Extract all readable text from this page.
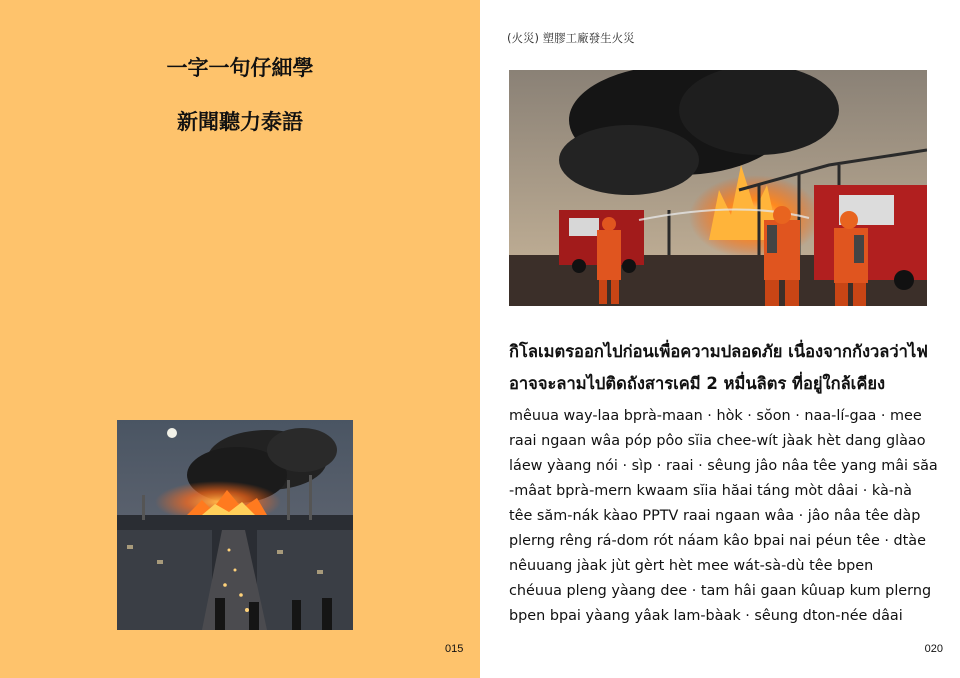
一字一句仔細學
新聞聽力泰語
015
(火災) 塑膠工廠發生火災
กิโลเมตรออกไปก่อนเพื่อความปลอดภัย เนื่องจากกังวลว่าไฟ
อาจจะลามไปติดถังสารเคมี 2 หมื่นลิตร ที่อยู่ใกล้เคียง
mêuua way-laa bprà-maan · hòk · sŏon · naa-lí-gaa · mee
raai ngaan wâa póp pôo sĭia chee-wít jàak hèt dang glàao
láew yàang nói · sìp · raai · sêung jâo nâa têe yang mâi săa
-mâat bprà-mern kwaam sĭia hăai táng mòt dâai · kà-nà
têe săm-nák kàao PPTV raai ngaan wâa · jâo nâa têe dàp
plerng rêng rá-dom rót náam kâo bpai nai péun têe · dtàe
nêuuang jàak jùt gèrt hèt mee wát-sà-dù têe bpen
chéuua pleng yàang dee · tam hâi gaan kûuap kum plerng
bpen bpai yàang yâak lam-bàak · sêung dton-née dâai
020
